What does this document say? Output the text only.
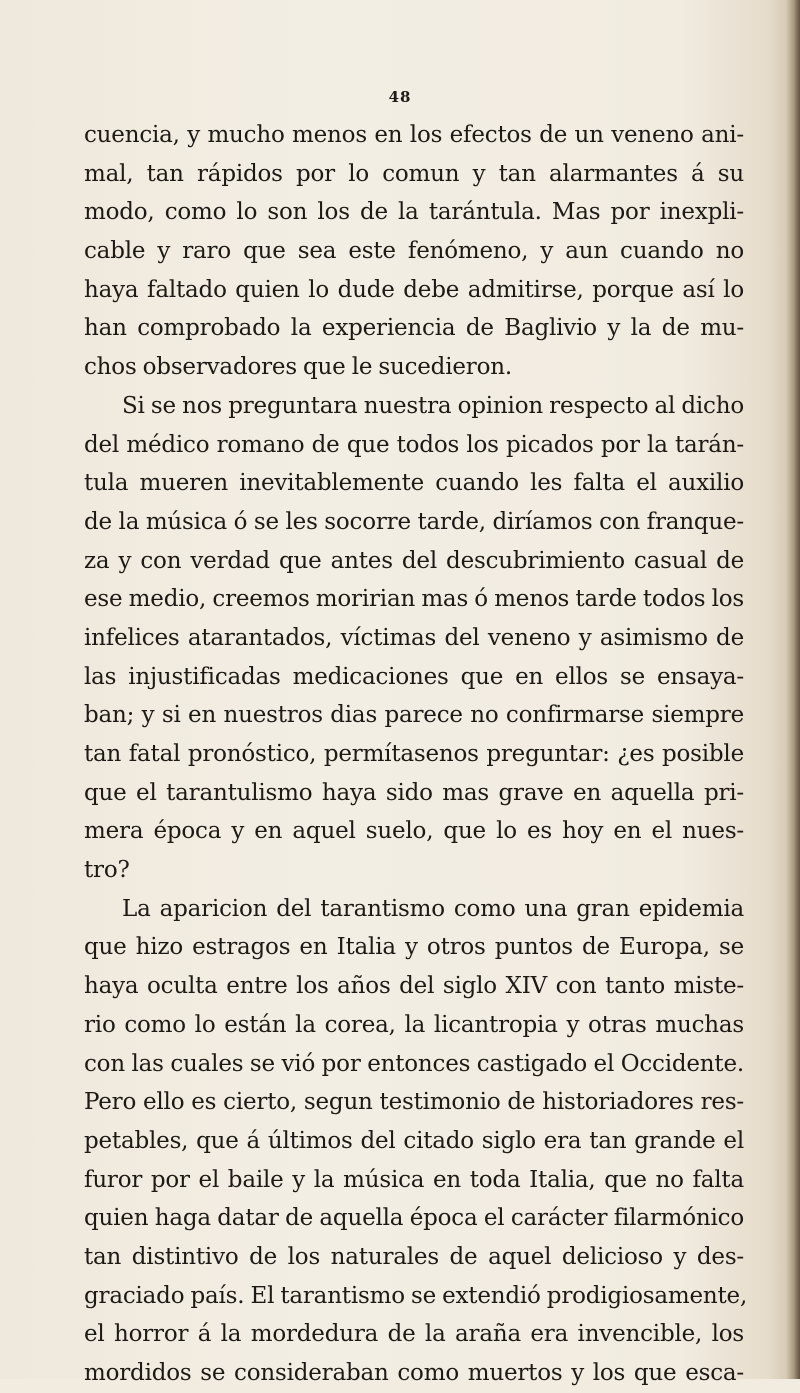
48
cuencia, y mucho menos en los efectos de un veneno ani-
mal, tan rápidos por lo comun y tan alarmantes á su
modo, como lo son los de la tarántula. Mas por inexpli-
cable y raro que sea este fenómeno, y aun cuando no
haya faltado quien lo dude debe admitirse, porque así lo
han comprobado la experiencia de Baglivio y la de mu-
chos observadores que le sucedieron.
Si se nos preguntara nuestra opinion respecto al dicho
del médico romano de que todos los picados por la tarán-
tula mueren inevitablemente cuando les falta el auxilio
de la música ó se les socorre tarde, diríamos con franque-
za y con verdad que antes del descubrimiento casual de
ese medio, creemos moririan mas ó menos tarde todos los
infelices atarantados, víctimas del veneno y asimismo de
las injustificadas medicaciones que en ellos se ensaya-
ban; y si en nuestros dias parece no confirmarse siempre
tan fatal pronóstico, permítasenos preguntar: ¿es posible
que el tarantulismo haya sido mas grave en aquella pri-
mera época y en aquel suelo, que lo es hoy en el nues-
tro?
La aparicion del tarantismo como una gran epidemia
que hizo estragos en Italia y otros puntos de Europa, se
haya oculta entre los años del siglo XIV con tanto miste-
rio como lo están la corea, la licantropia y otras muchas
con las cuales se vió por entonces castigado el Occidente.
Pero ello es cierto, segun testimonio de historiadores res-
petables, que á últimos del citado siglo era tan grande el
furor por el baile y la música en toda Italia, que no falta
quien haga datar de aquella época el carácter filarmónico
tan distintivo de los naturales de aquel delicioso y des-
graciado país. El tarantismo se extendió prodigiosamente,
el horror á la mordedura de la araña era invencible, los
mordidos se consideraban como muertos y los que esca-
